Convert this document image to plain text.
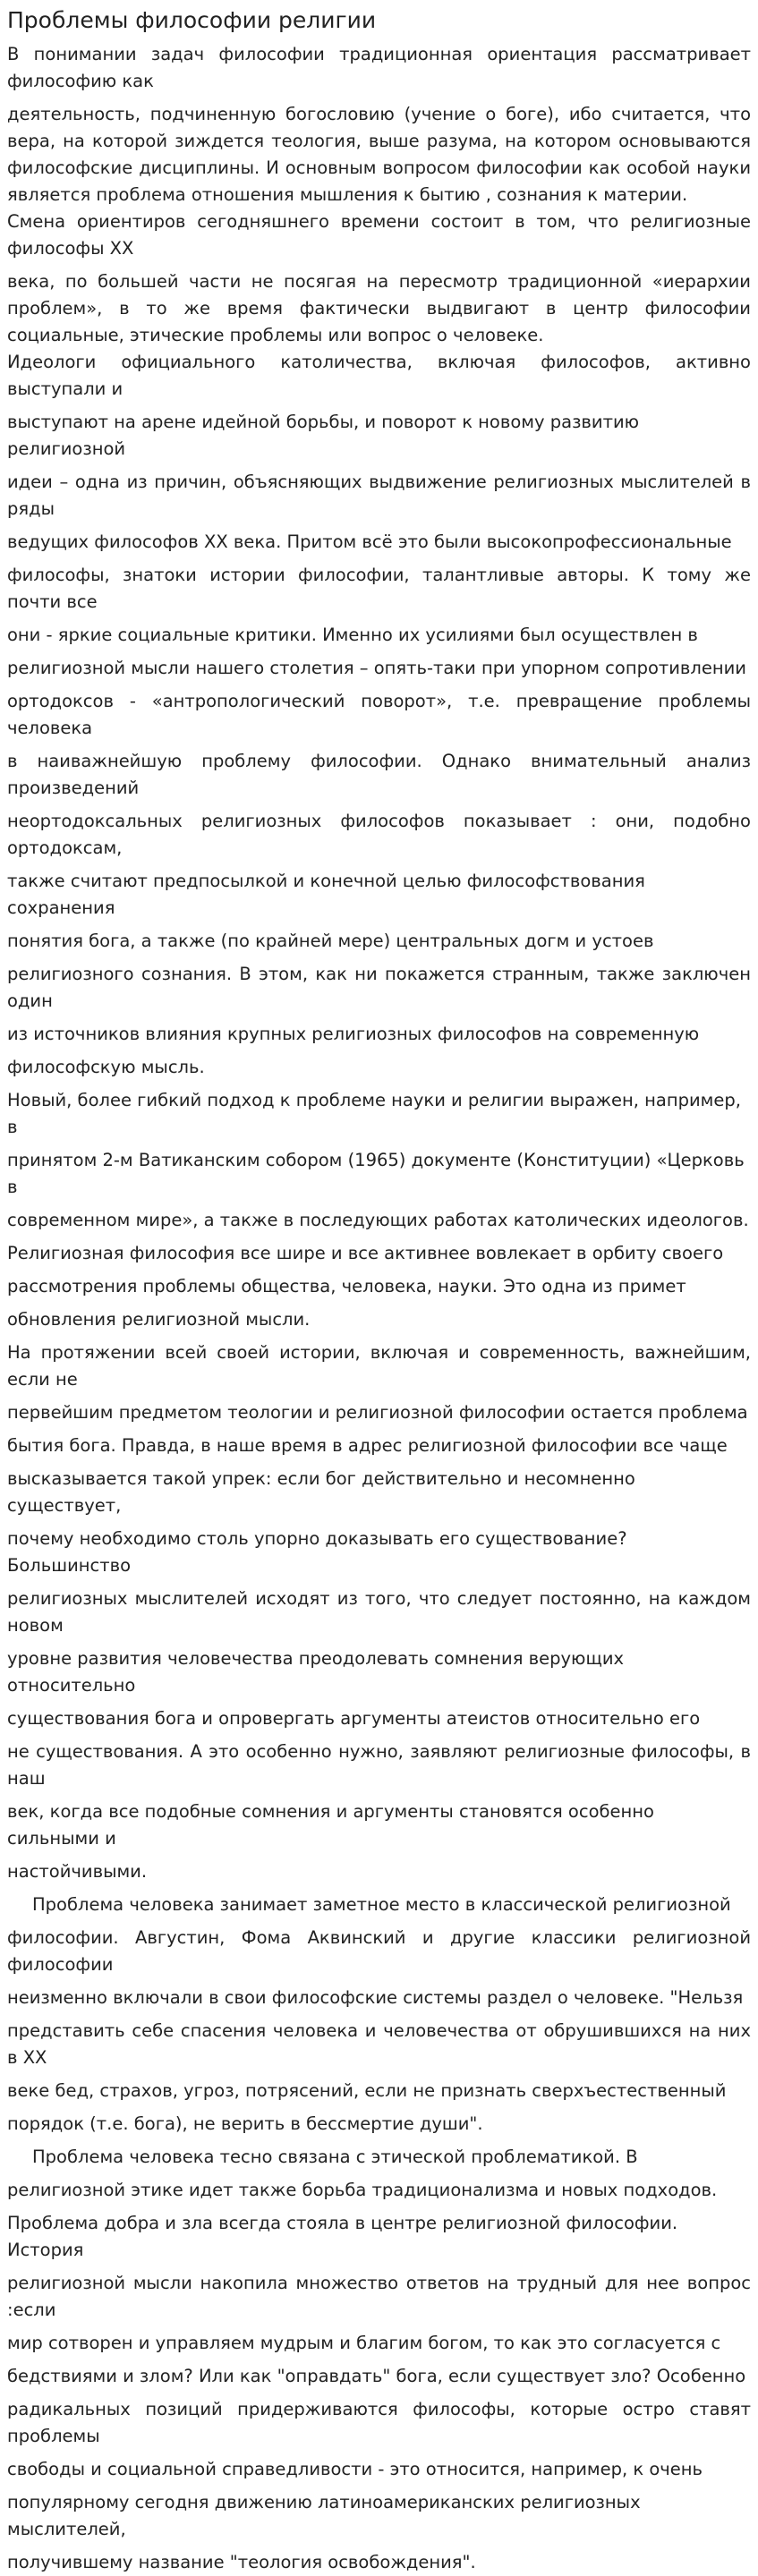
Проблемы философии религии

В понимании задач философии традиционная ориентация рассматривает философию как

деятельность, подчиненную богословию (учение о боге), ибо считается, что вера, на которой зиждется теология, выше разума, на котором основываются философские дисциплины. И основным вопросом философии как особой науки является проблема отношения мышления к бытию , сознания к материи.

Смена ориентиров сегодняшнего времени состоит в том, что религиозные философы XX

века, по большей части не посягая на пересмотр традиционной «иерархии проблем», в то же время фактически выдвигают в центр философии социальные, этические проблемы или вопрос о человеке.

Идеологи официального католичества, включая философов, активно выступали и

выступают на арене идейной борьбы, и поворот к новому развитию религиозной

идеи – одна из причин, объясняющих выдвижение религиозных мыслителей в ряды

ведущих философов XX века. Притом всё это были высокопрофессиональные

философы, знатоки истории философии, талантливые авторы. К тому же почти все

они - яркие социальные критики. Именно их усилиями был осуществлен в

религиозной мысли нашего столетия – опять-таки при упорном сопротивлении

ортодоксов - «антропологический поворот», т.е. превращение проблемы человека

в наиважнейшую проблему философии. Однако внимательный анализ произведений

неортодоксальных религиозных философов показывает : они, подобно ортодоксам,

также считают предпосылкой и конечной целью философствования сохранения

понятия бога, а также (по крайней мере) центральных догм и устоев

религиозного сознания. В этом, как ни покажется странным, также заключен один

из источников влияния крупных религиозных философов на современную

философскую мысль.

Новый, более гибкий подход к проблеме науки и религии выражен, например, в

принятом 2-м Ватиканским собором (1965) документе (Конституции) «Церковь в

современном мире», а также в последующих работах католических идеологов.

Религиозная философия все шире и все активнее вовлекает в орбиту своего

рассмотрения проблемы общества, человека, науки. Это одна из примет

обновления религиозной мысли.

На протяжении всей своей истории, включая и современность, важнейшим, если не

первейшим предметом теологии и религиозной философии остается проблема

бытия бога. Правда, в наше время в адрес религиозной философии все чаще

высказывается такой упрек: если бог действительно и несомненно существует,

почему необходимо столь упорно доказывать его существование? Большинство

религиозных мыслителей исходят из того, что следует постоянно, на каждом новом

уровне развития человечества преодолевать сомнения верующих относительно

существования бога и опровергать аргументы атеистов относительно его

не существования. А это особенно нужно, заявляют религиозные философы, в наш

век, когда все подобные сомнения и аргументы становятся особенно сильными и

настойчивыми.

Проблема человека занимает заметное место в классической религиозной

философии. Августин, Фома Аквинский и другие классики религиозной философии

неизменно включали в свои философские системы раздел о человеке. "Нельзя

представить себе спасения человека и человечества от обрушившихся на них в XX

веке бед, страхов, угроз, потрясений, если не признать сверхъестественный

порядок (т.е. бога), не верить в бессмертие души".

Проблема человека тесно связана с этической проблематикой. В

религиозной этике идет также борьба традиционализма и новых подходов.

Проблема добра и зла всегда стояла в центре религиозной философии. История

религиозной мысли накопила множество ответов на трудный для нее вопрос :если

мир сотворен и управляем мудрым и благим богом, то как это согласуется с

бедствиями и злом? Или как "оправдать" бога, если существует зло? Особенно

радикальных позиций придерживаются философы, которые остро ставят проблемы

свободы и социальной справедливости - это относится, например, к очень

популярному сегодня движению латиноамериканских религиозных мыслителей,

получившему название "теология освобождения".
